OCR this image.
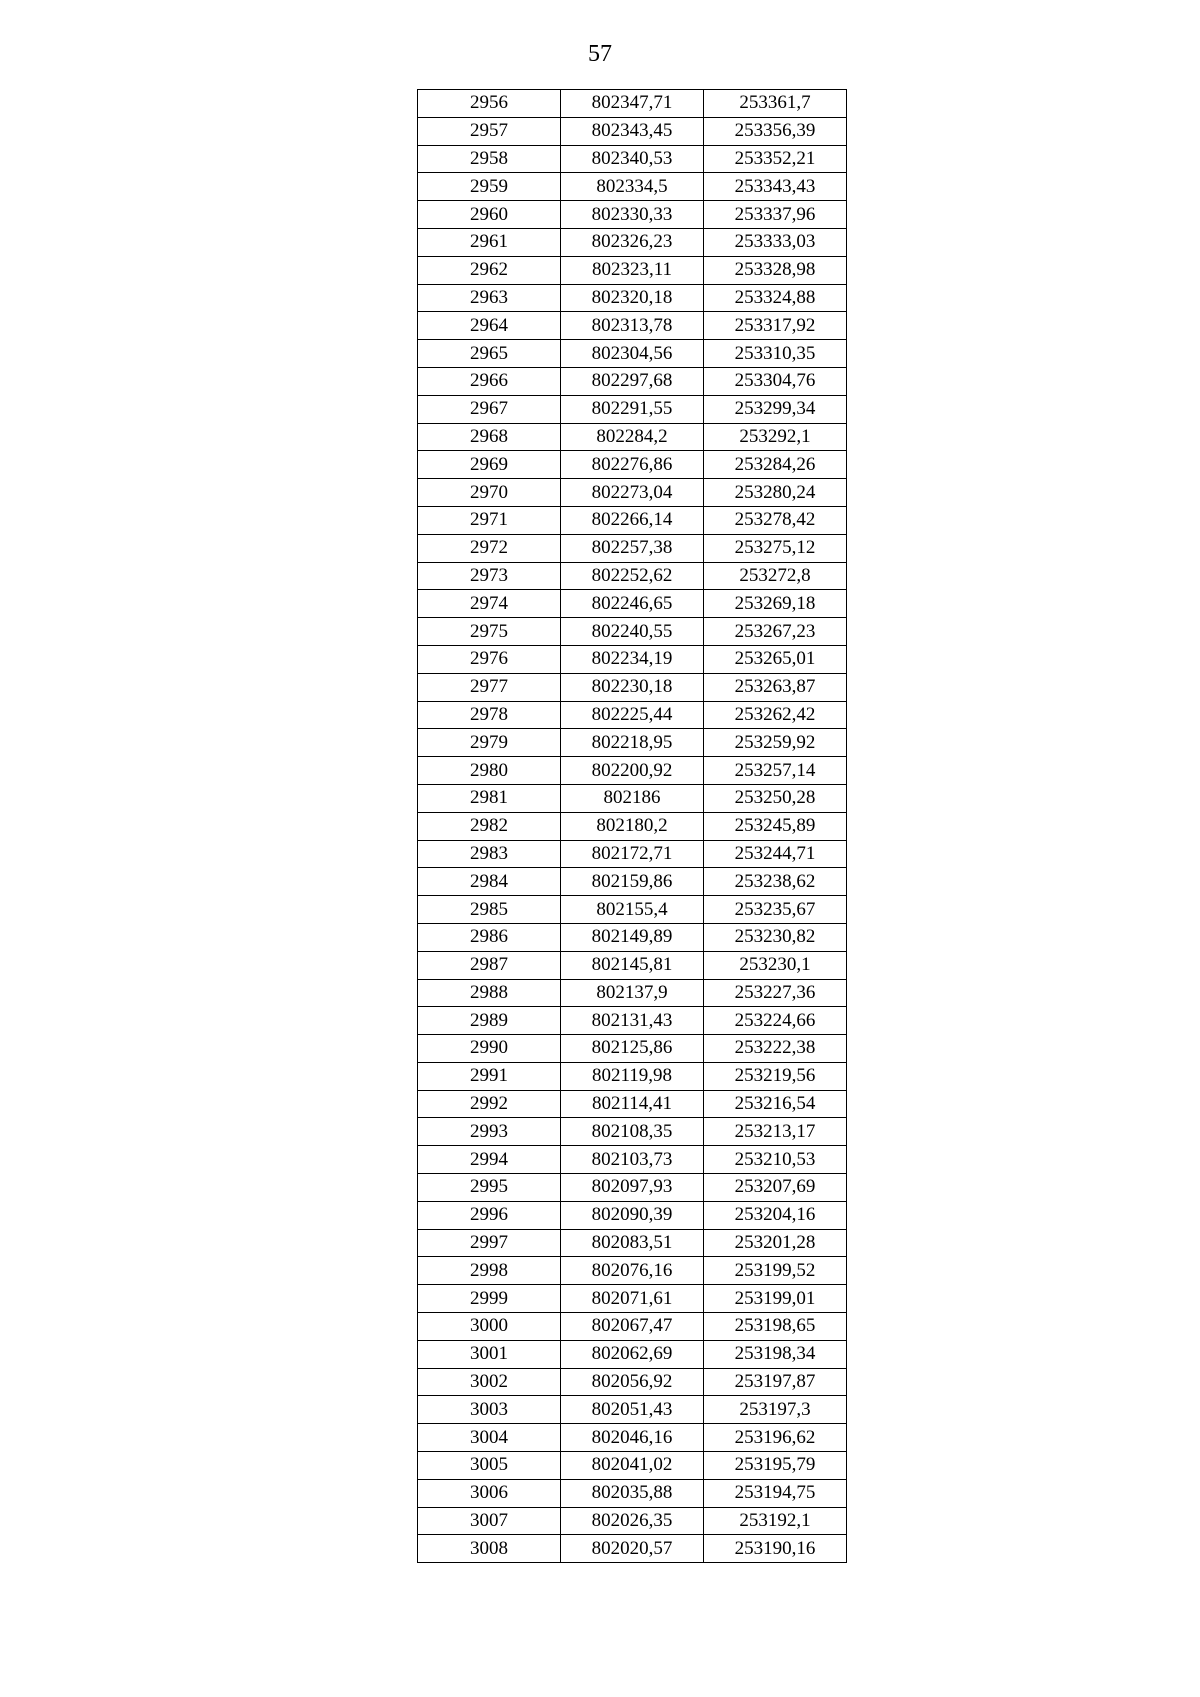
57
2956	802347,71	253361,7
2957	802343,45	253356,39
2958	802340,53	253352,21
2959	802334,5	253343,43
2960	802330,33	253337,96
2961	802326,23	253333,03
2962	802323,11	253328,98
2963	802320,18	253324,88
2964	802313,78	253317,92
2965	802304,56	253310,35
2966	802297,68	253304,76
2967	802291,55	253299,34
2968	802284,2	253292,1
2969	802276,86	253284,26
2970	802273,04	253280,24
2971	802266,14	253278,42
2972	802257,38	253275,12
2973	802252,62	253272,8
2974	802246,65	253269,18
2975	802240,55	253267,23
2976	802234,19	253265,01
2977	802230,18	253263,87
2978	802225,44	253262,42
2979	802218,95	253259,92
2980	802200,92	253257,14
2981	802186	253250,28
2982	802180,2	253245,89
2983	802172,71	253244,71
2984	802159,86	253238,62
2985	802155,4	253235,67
2986	802149,89	253230,82
2987	802145,81	253230,1
2988	802137,9	253227,36
2989	802131,43	253224,66
2990	802125,86	253222,38
2991	802119,98	253219,56
2992	802114,41	253216,54
2993	802108,35	253213,17
2994	802103,73	253210,53
2995	802097,93	253207,69
2996	802090,39	253204,16
2997	802083,51	253201,28
2998	802076,16	253199,52
2999	802071,61	253199,01
3000	802067,47	253198,65
3001	802062,69	253198,34
3002	802056,92	253197,87
3003	802051,43	253197,3
3004	802046,16	253196,62
3005	802041,02	253195,79
3006	802035,88	253194,75
3007	802026,35	253192,1
3008	802020,57	253190,16
